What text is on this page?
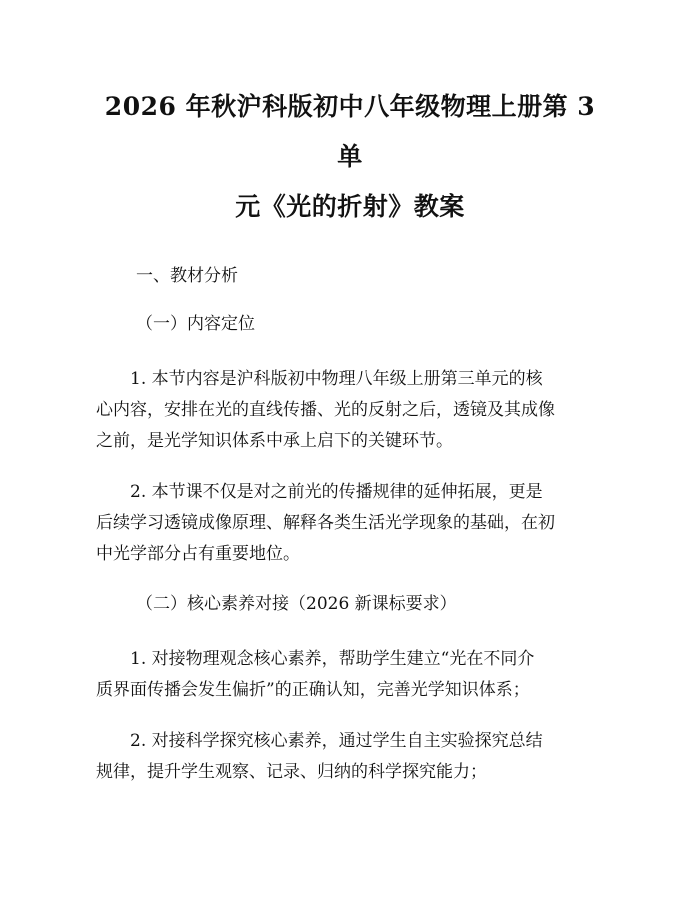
2026 年秋沪科版初中八年级物理上册第 3 单
元《光的折射》教案

一、教材分析

（一）内容定位

1. 本节内容是沪科版初中物理八年级上册第三单元的核
心内容，安排在光的直线传播、光的反射之后，透镜及其成像
之前，是光学知识体系中承上启下的关键环节。

2. 本节课不仅是对之前光的传播规律的延伸拓展，更是
后续学习透镜成像原理、解释各类生活光学现象的基础，在初
中光学部分占有重要地位。

（二）核心素养对接（2026 新课标要求）

1. 对接物理观念核心素养，帮助学生建立“光在不同介
质界面传播会发生偏折”的正确认知，完善光学知识体系；

2. 对接科学探究核心素养，通过学生自主实验探究总结
规律，提升学生观察、记录、归纳的科学探究能力；
